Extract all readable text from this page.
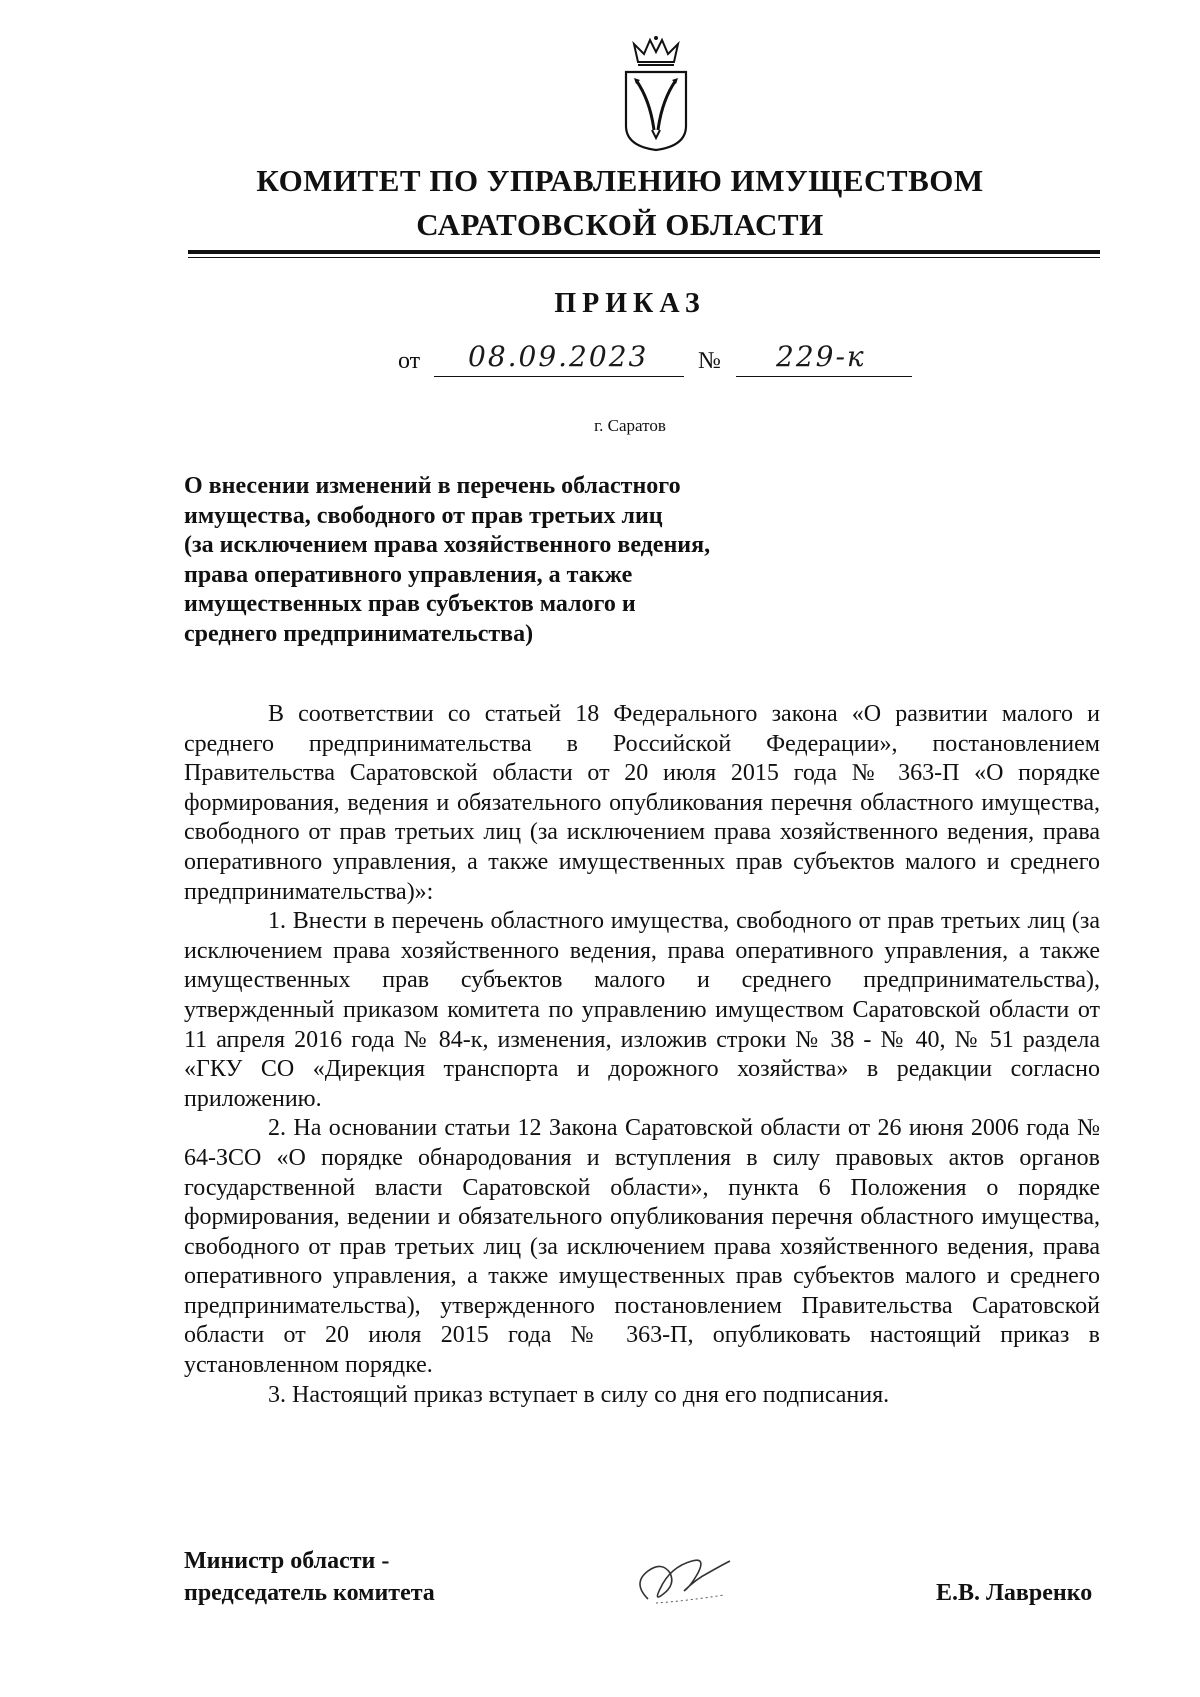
КОМИТЕТ ПО УПРАВЛЕНИЮ ИМУЩЕСТВОМ
САРАТОВСКОЙ ОБЛАСТИ
ПРИКАЗ
от 08.09.2023 № 229-к
г. Саратов
О внесении изменений в перечень областного
имущества, свободного от прав третьих лиц
(за исключением права хозяйственного ведения,
права оперативного управления, а также
имущественных прав субъектов малого и
среднего предпринимательства)

В соответствии со статьей 18 Федерального закона «О развитии малого и среднего предпринимательства в Российской Федерации», постановлением Правительства Саратовской области от 20 июля 2015 года № 363-П «О порядке формирования, ведения и обязательного опубликования перечня областного имущества, свободного от прав третьих лиц (за исключением права хозяйственного ведения, права оперативного управления, а также имущественных прав субъектов малого и среднего предпринимательства)»:

1. Внести в перечень областного имущества, свободного от прав третьих лиц (за исключением права хозяйственного ведения, права оперативного управления, а также имущественных прав субъектов малого и среднего предпринимательства), утвержденный приказом комитета по управлению имуществом Саратовской области от 11 апреля 2016 года № 84-к, изменения, изложив строки № 38 - № 40, № 51 раздела «ГКУ СО «Дирекция транспорта и дорожного хозяйства» в редакции согласно приложению.

2. На основании статьи 12 Закона Саратовской области от 26 июня 2006 года № 64-ЗСО «О порядке обнародования и вступления в силу правовых актов органов государственной власти Саратовской области», пункта 6 Положения о порядке формирования, ведении и обязательного опубликования перечня областного имущества, свободного от прав третьих лиц (за исключением права хозяйственного ведения, права оперативного управления, а также имущественных прав субъектов малого и среднего предпринимательства), утвержденного постановлением Правительства Саратовской области от 20 июля 2015 года № 363-П, опубликовать настоящий приказ в установленном порядке.

3. Настоящий приказ вступает в силу со дня его подписания.

Министр области -
председатель комитета	Е.В. Лавренко
